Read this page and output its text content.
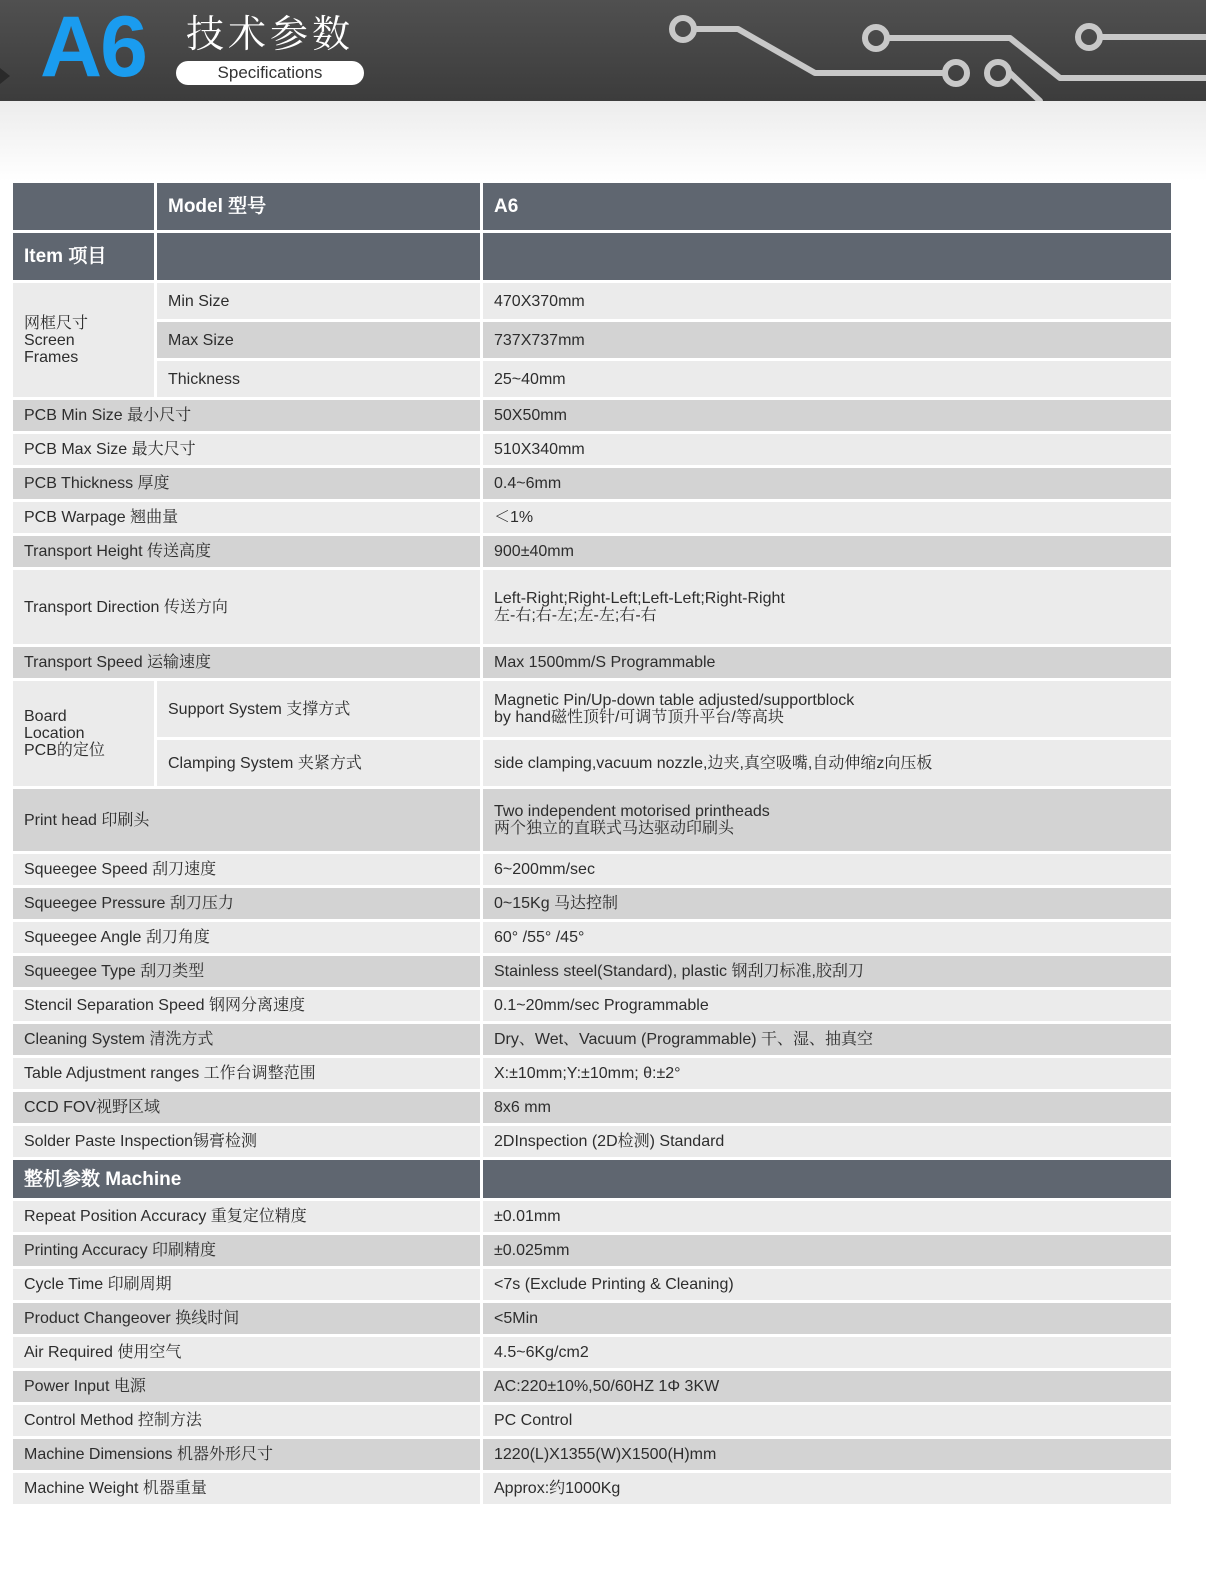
A6 技术参数
Specifications
	Model 型号	A6
Item 项目		

网框尺寸
Screen
Frames	Min Size	470X370mm
	Max Size	737X737mm
	Thickness	25~40mm
PCB Min Size 最小尺寸		50X50mm
PCB Max Size 最大尺寸		510X340mm
PCB Thickness 厚度		0.4~6mm
PCB Warpage 翘曲量		＜1%
Transport Height 传送高度		900±40mm
Transport Direction 传送方向		Left-Right;Right-Left;Left-Left;Right-Right
左-右;右-左;左-左;右-右

Transport Speed 运输速度		Max 1500mm/S Programmable

Board
Location
PCB的定位	Support System 支撑方式	Magnetic Pin/Up-down table adjusted/supportblock
by hand磁性顶针/可调节顶升平台/等高块

	Clamping System 夹紧方式	side clamping,vacuum nozzle,边夹,真空吸嘴,自动伸缩z向压板
Print head 印刷头		Two independent motorised printheads
两个独立的直联式马达驱动印刷头

Squeegee Speed 刮刀速度		6~200mm/sec
Squeegee Pressure 刮刀压力		0~15Kg 马达控制
Squeegee Angle 刮刀角度		60° /55° /45°
Squeegee Type 刮刀类型		Stainless steel(Standard), plastic 钢刮刀标准,胶刮刀
Stencil Separation Speed 钢网分离速度		0.1~20mm/sec Programmable
Cleaning System 清洗方式		Dry、Wet、Vacuum (Programmable) 干、湿、抽真空
Table Adjustment ranges 工作台调整范围		X:±10mm;Y:±10mm; θ:±2°
CCD FOV视野区域		8x6 mm
Solder Paste Inspection锡膏检测		2DInspection (2D检测) Standard
整机参数 Machine		
Repeat Position Accuracy 重复定位精度		±0.01mm
Printing Accuracy 印刷精度		±0.025mm
Cycle Time 印刷周期		<7s (Exclude Printing & Cleaning)
Product Changeover 换线时间		<5Min
Air Required 使用空气		4.5~6Kg/cm2
Power Input 电源		AC:220±10%,50/60HZ 1Φ 3KW
Control Method 控制方法		PC Control
Machine Dimensions 机器外形尺寸		1220(L)X1355(W)X1500(H)mm
Machine Weight 机器重量		Approx:约1000Kg
